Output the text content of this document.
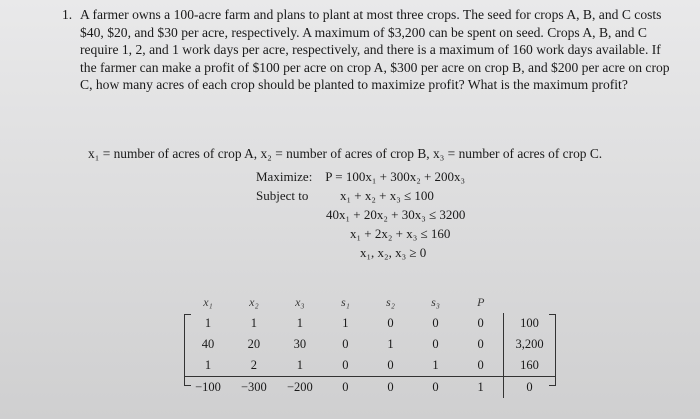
1. A farmer owns a 100-acre farm and plans to plant at most three crops. The seed for crops A, B, and C costs $40, $20, and $30 per acre, respectively. A maximum of $3,200 can be spent on seed. Crops A, B, and C require 1, 2, and 1 work days per acre, respectively, and there is a maximum of 160 work days available. If the farmer can make a profit of $100 per acre on crop A, $300 per acre on crop B, and $200 per acre on crop C, how many acres of each crop should be planted to maximize profit? What is the maximum profit?
x₁ = number of acres of crop A, x₂ = number of acres of crop B, x₃ = number of acres of crop C.
Maximize: P = 100x₁ + 300x₂ + 200x₃
Subject to x₁ + x₂ + x₃ ≤ 100
40x₁ + 20x₂ + 30x₃ ≤ 3200
x₁ + 2x₂ + x₃ ≤ 160
x₁, x₂, x₃ ≥ 0
x₁	x₂	x₃	s₁	s₂	s₃	P	
1	1	1	1	0	0	0	100
40	20	30	0	1	0	0	3,200
1	2	1	0	0	1	0	160
−100	−300	−200	0	0	0	1	0
